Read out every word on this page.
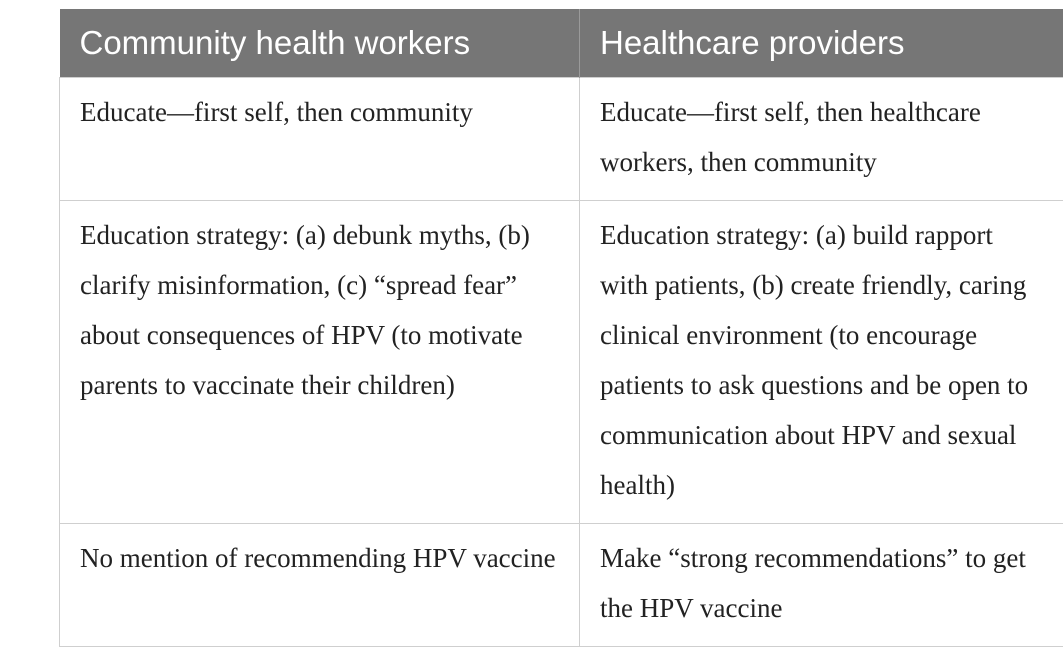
Community health workers	Healthcare providers

Educate—first self, then community	Educate—first self, then healthcare workers, then community

Education strategy: (a) debunk myths, (b) clarify misinformation, (c) “spread fear” about consequences of HPV (to motivate parents to vaccinate their children)	Education strategy: (a) build rapport with patients, (b) create friendly, caring clinical environment (to encourage patients to ask questions and be open to communication about HPV and sexual health)

No mention of recommending HPV vaccine	Make “strong recommendations” to get the HPV vaccine
